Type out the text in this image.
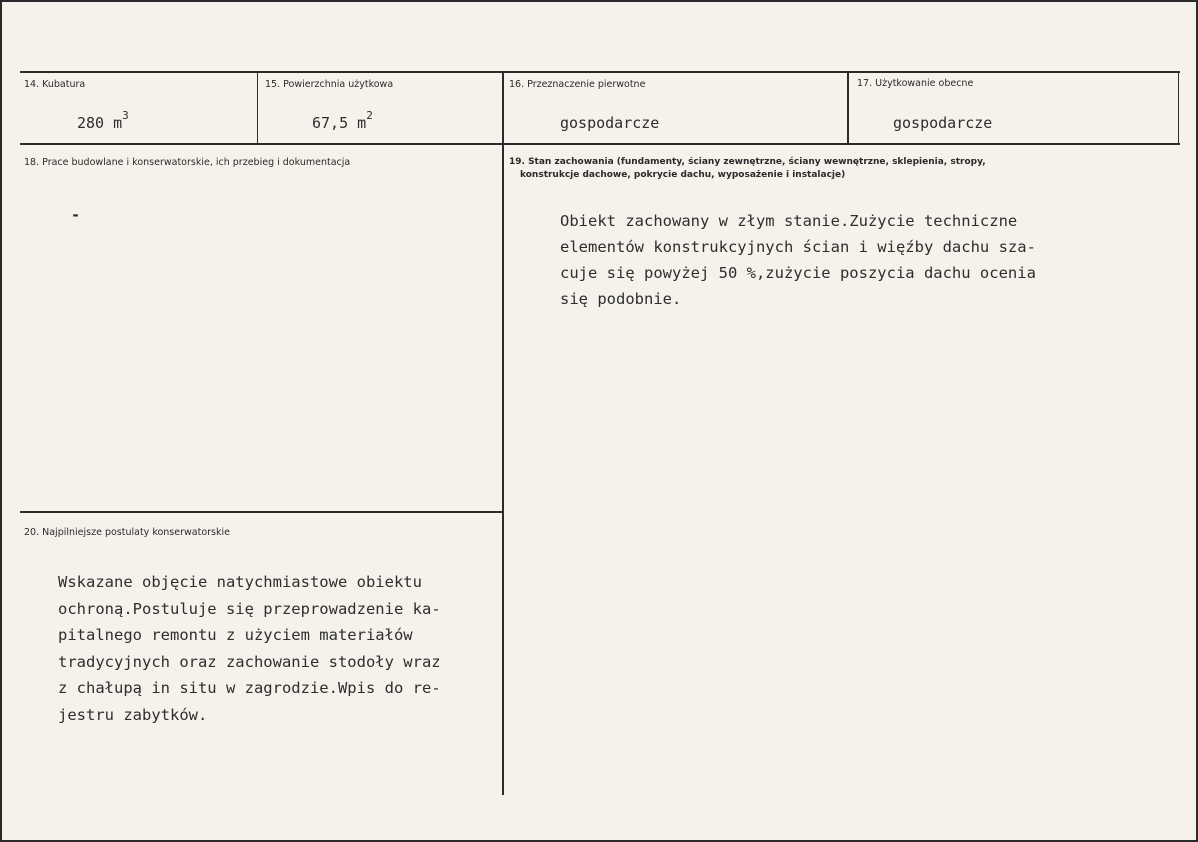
14. Kubatura
280 $m^3$
15. Powierzchnia użytkowa
67,5 $m^2$
16. Przeznaczenie pierwotne
gospodarcze
17. Użytkowanie obecne
gospodarcze
18. Prace budowlane i konserwatorskie, ich przebieg i dokumentacja
-
19. Stan zachowania (fundamenty, ściany zewnętrzne, ściany wewnętrzne, sklepienia, stropy,
konstrukcje dachowe, pokrycie dachu, wyposażenie i instalacje)
Obiekt zachowany w złym stanie.Zużycie techniczne
elementów konstrukcyjnych ścian i więźby dachu sza-
cuje się powyżej 50 %,zużycie poszycia dachu ocenia
się podobnie.
20. Najpilniejsze postulaty konserwatorskie
Wskazane objęcie natychmiastowe obiektu
ochroną.Postuluje się przeprowadzenie ka-
pitalnego remontu z użyciem materiałów
tradycyjnych oraz zachowanie stodoły wraz
z chałupą in situ w zagrodzie.Wpis do re-
jestru zabytków.
